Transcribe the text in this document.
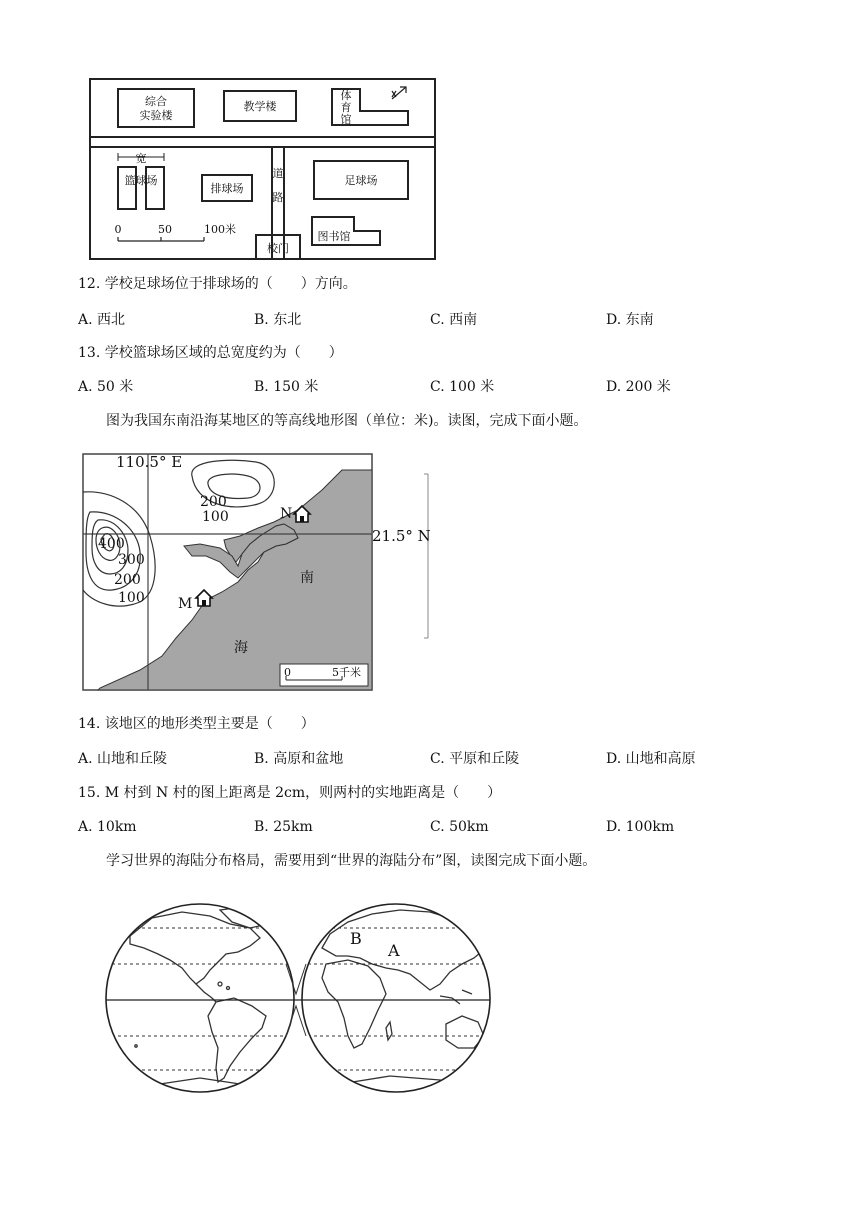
综合
实验楼
教学楼
体
育
馆
宽
篮球场
排球场
足球场
道
路
校门
图书馆
0	50	100米
12. 学校足球场位于排球场的（　　）方向。
A. 西北	B. 东北	C. 西南	D. 东南
13. 学校篮球场区域的总宽度约为（　　）
A. 50 米	B. 150 米	C. 100 米	D. 200 米
图为我国东南沿海某地区的等高线地形图（单位：米)。读图，完成下面小题。
110.5° E
21.5° N
200
100
400
300
200
100
N
M
南
海
0	5千米
14. 该地区的地形类型主要是（　　）
A. 山地和丘陵	B. 高原和盆地	C. 平原和丘陵	D. 山地和高原
15. M 村到 N 村的图上距离是 2cm，则两村的实地距离是（　　）
A. 10km	B. 25km	C. 50km	D. 100km
学习世界的海陆分布格局，需要用到“世界的海陆分布”图，读图完成下面小题。
B
A
